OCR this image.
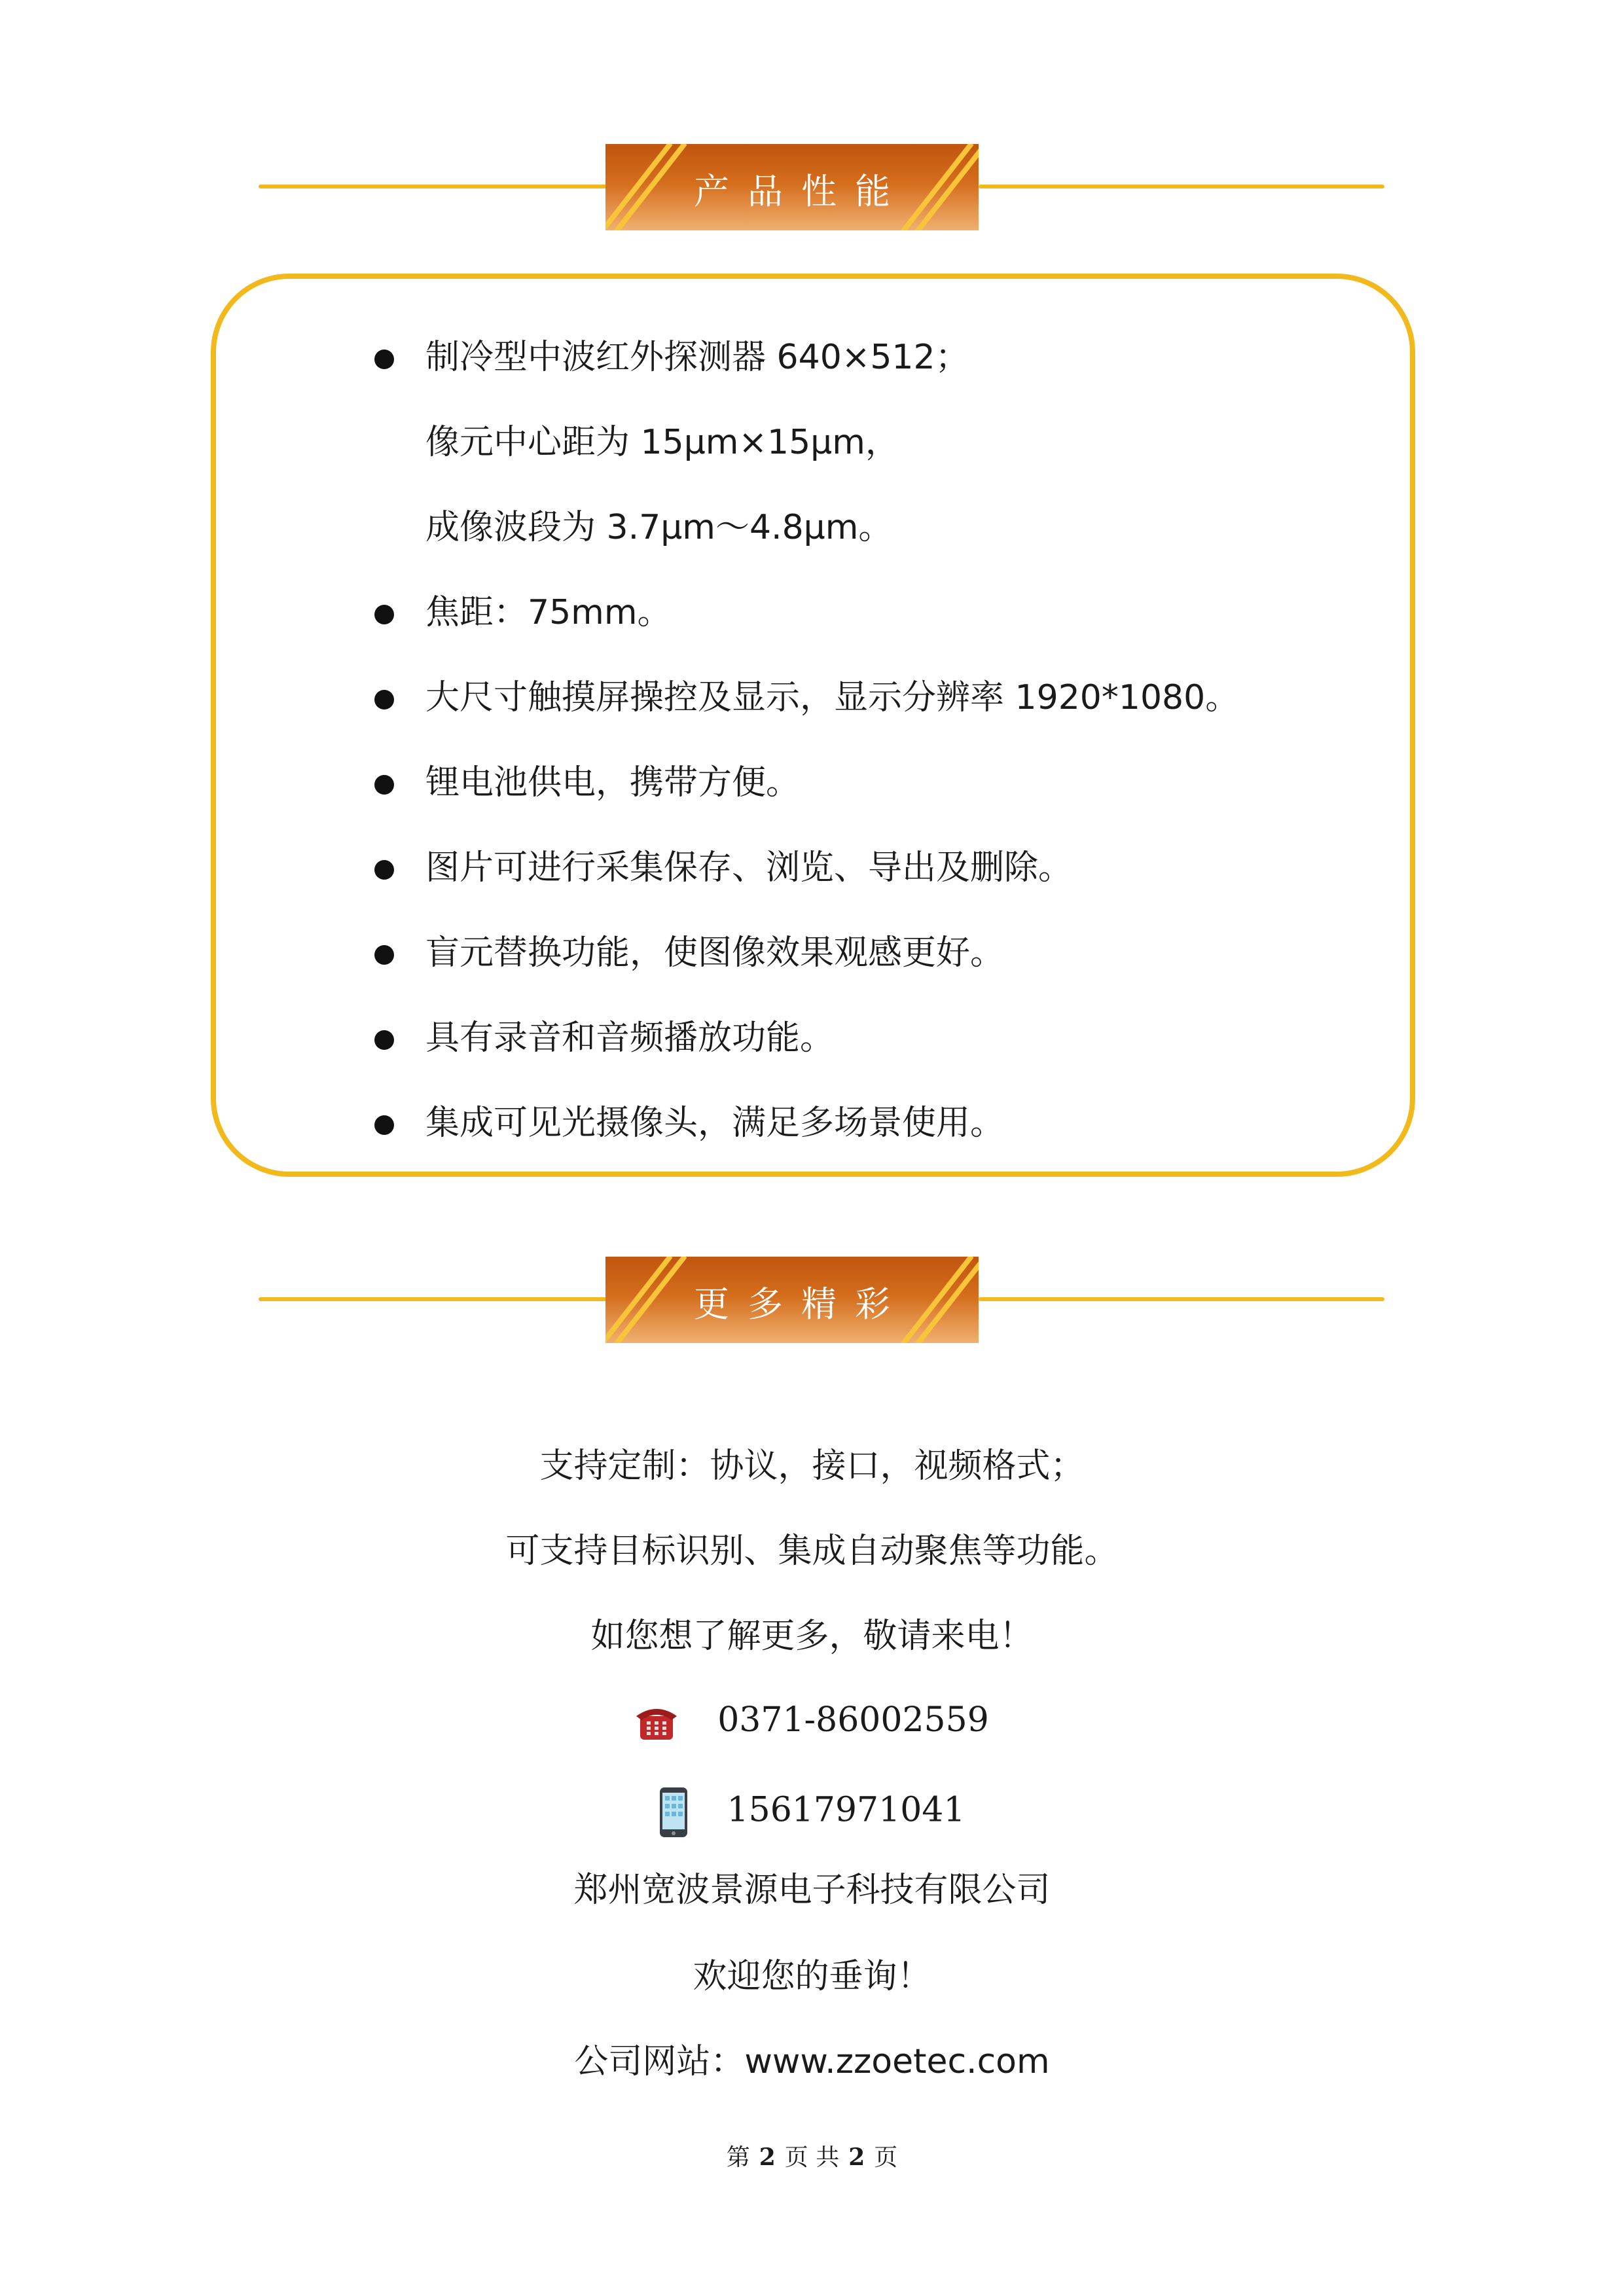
产品性能
制冷型中波红外探测器 640×512；
像元中心距为 15μm×15μm，
成像波段为 3.7μm～4.8μm。
焦距：75mm。
大尺寸触摸屏操控及显示，显示分辨率 1920*1080。
锂电池供电，携带方便。
图片可进行采集保存、浏览、导出及删除。
盲元替换功能，使图像效果观感更好。
具有录音和音频播放功能。
集成可见光摄像头，满足多场景使用。
更多精彩
支持定制：协议，接口，视频格式；
可支持目标识别、集成自动聚焦等功能。
如您想了解更多，敬请来电！
0371-86002559
15617971041
郑州宽波景源电子科技有限公司
欢迎您的垂询！
公司网站：www.zzoetec.com
第 2 页 共 2 页
